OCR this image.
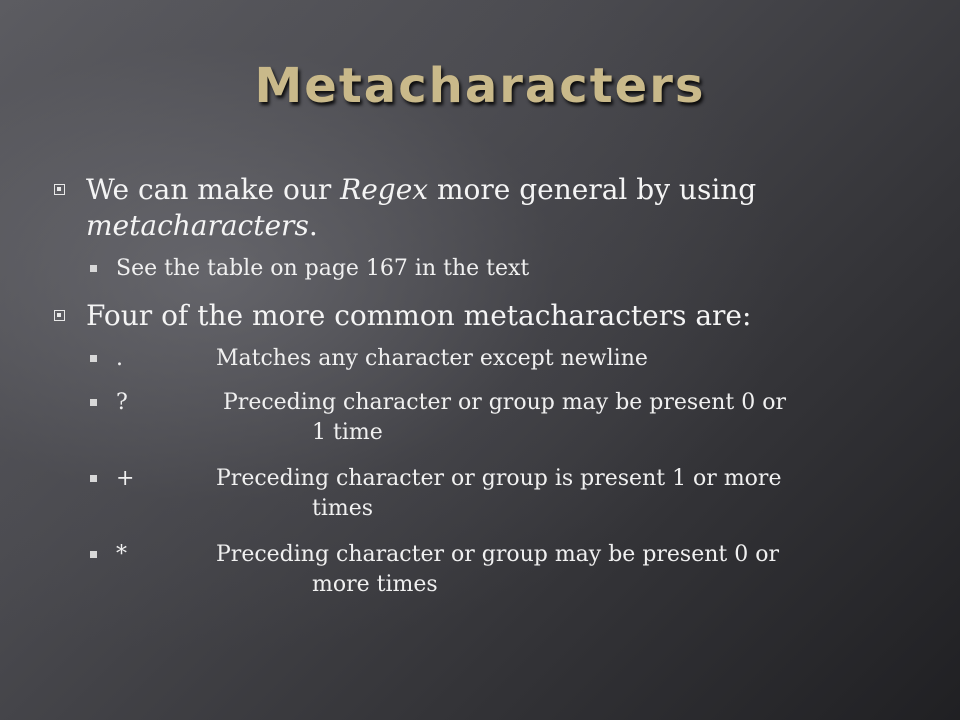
Metacharacters
We can make our Regex more general by using
metacharacters.
See the table on page 167 in the text
Four of the more common metacharacters are:
.	Matches any character except newline
?	Preceding character or group may be present 0 or
1 time
+	Preceding character or group is present 1 or more
times
*	Preceding character or group may be present 0 or
more times
